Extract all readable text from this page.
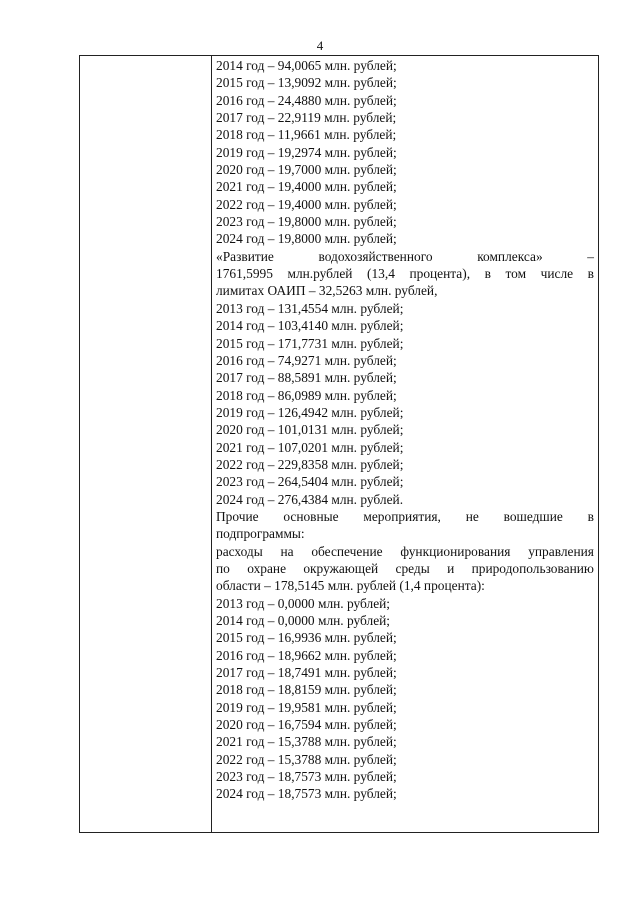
4
2014 год – 94,0065 млн. рублей;
2015 год – 13,9092 млн. рублей;
2016 год – 24,4880 млн. рублей;
2017 год – 22,9119 млн. рублей;
2018 год – 11,9661 млн. рублей;
2019 год – 19,2974 млн. рублей;
2020 год – 19,7000 млн. рублей;
2021 год – 19,4000 млн. рублей;
2022 год – 19,4000 млн. рублей;
2023 год – 19,8000 млн. рублей;
2024 год – 19,8000 млн. рублей;
«Развитие	водохозяйственного	комплекса»	–
1761,5995 млн.рублей (13,4 процента), в том числе в
лимитах ОАИП – 32,5263 млн. рублей,
2013 год – 131,4554 млн. рублей;
2014 год – 103,4140 млн. рублей;
2015 год – 171,7731 млн. рублей;
2016 год – 74,9271 млн. рублей;
2017 год – 88,5891 млн. рублей;
2018 год – 86,0989 млн. рублей;
2019 год – 126,4942 млн. рублей;
2020 год – 101,0131 млн. рублей;
2021 год – 107,0201 млн. рублей;
2022 год – 229,8358 млн. рублей;
2023 год – 264,5404 млн. рублей;
2024 год – 276,4384 млн. рублей.
Прочие основные мероприятия, не вошедшие в
подпрограммы:
расходы на обеспечение функционирования управления
по охране окружающей среды и природопользованию
области – 178,5145 млн. рублей (1,4 процента):
2013 год – 0,0000 млн. рублей;
2014 год – 0,0000 млн. рублей;
2015 год – 16,9936 млн. рублей;
2016 год – 18,9662 млн. рублей;
2017 год – 18,7491 млн. рублей;
2018 год – 18,8159 млн. рублей;
2019 год – 19,9581 млн. рублей;
2020 год – 16,7594 млн. рублей;
2021 год – 15,3788 млн. рублей;
2022 год – 15,3788 млн. рублей;
2023 год – 18,7573 млн. рублей;
2024 год – 18,7573 млн. рублей;
